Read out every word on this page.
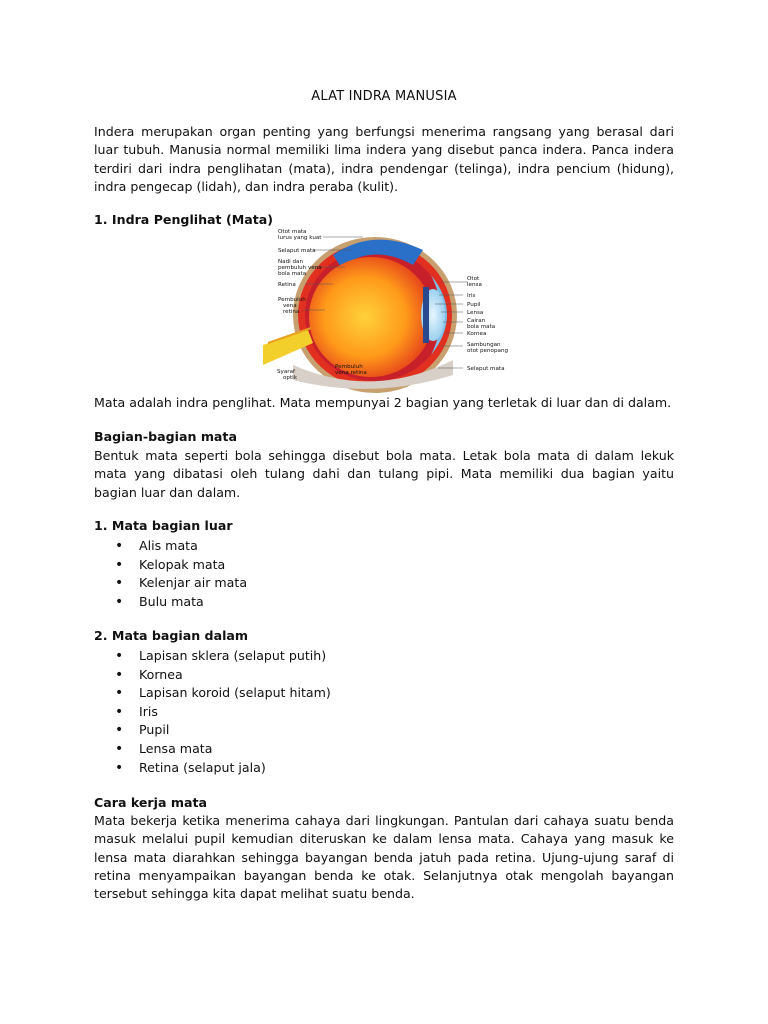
ALAT INDRA MANUSIA

Indera merupakan organ penting yang berfungsi menerima rangsang yang berasal dari luar tubuh. Manusia normal memiliki lima indera yang disebut panca indera. Panca indera terdiri dari indra penglihatan (mata), indra pendengar (telinga), indra pencium (hidung), indra pengecap (lidah), dan indra peraba (kulit).

1. Indra Penglihat (Mata)

Otot mata
lurus yang kuat
Selaput mata
Nadi dan
pembuluh vena
bola mata
Retina
Pembuluh
vena
retina
Syaraf
optik
Pembuluh
vena retina
Otot
lensa
Iris
Pupil
Lensa
Cairan
bola mata
Kornea
Sambungan
otot penopang
Selaput mata

Mata adalah indra penglihat. Mata mempunyai 2 bagian yang terletak di luar dan di dalam.

Bagian-bagian mata

Bentuk mata seperti bola sehingga disebut bola mata. Letak bola mata di dalam lekuk mata yang dibatasi oleh tulang dahi dan tulang pipi. Mata memiliki dua bagian yaitu bagian luar dan dalam.

1. Mata bagian luar

• Alis mata
• Kelopak mata
• Kelenjar air mata
• Bulu mata

2. Mata bagian dalam

• Lapisan sklera (selaput putih)
• Kornea
• Lapisan koroid (selaput hitam)
• Iris
• Pupil
• Lensa mata
• Retina (selaput jala)

Cara kerja mata

Mata bekerja ketika menerima cahaya dari lingkungan. Pantulan dari cahaya suatu benda masuk melalui pupil kemudian diteruskan ke dalam lensa mata. Cahaya yang masuk ke lensa mata diarahkan sehingga bayangan benda jatuh pada retina. Ujung-ujung saraf di retina menyampaikan bayangan benda ke otak. Selanjutnya otak mengolah bayangan tersebut sehingga kita dapat melihat suatu benda.
